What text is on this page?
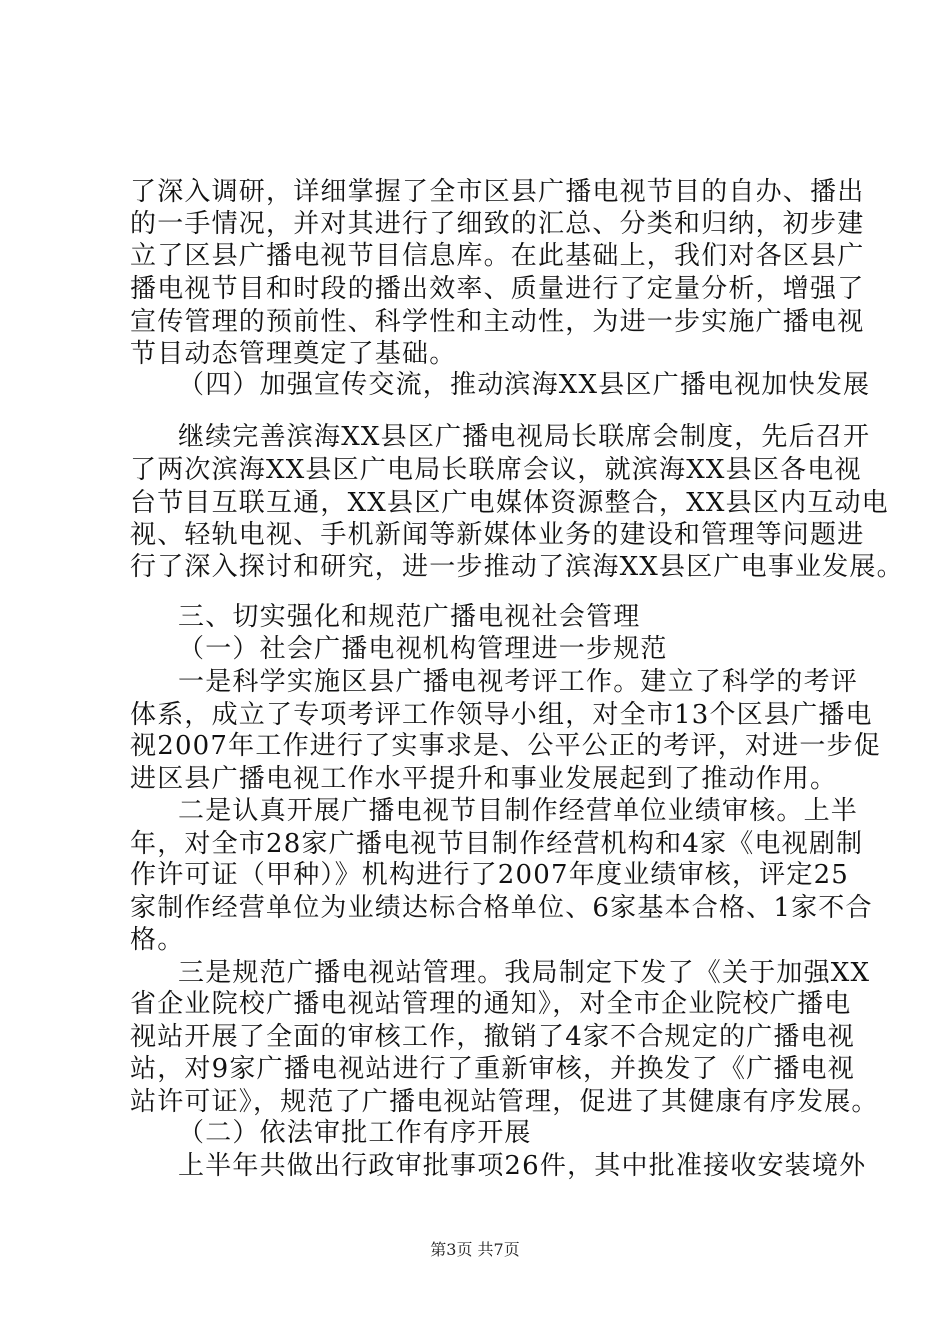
了深入调研，详细掌握了全市区县广播电视节目的自办、播出
的一手情况，并对其进行了细致的汇总、分类和归纳，初步建
立了区县广播电视节目信息库。在此基础上，我们对各区县广
播电视节目和时段的播出效率、质量进行了定量分析，增强了
宣传管理的预前性、科学性和主动性，为进一步实施广播电视
节目动态管理奠定了基础。
（四）加强宣传交流，推动滨海XX县区广播电视加快发展
继续完善滨海XX县区广播电视局长联席会制度，先后召开
了两次滨海XX县区广电局长联席会议，就滨海XX县区各电视
台节目互联互通，XX县区广电媒体资源整合，XX县区内互动电
视、轻轨电视、手机新闻等新媒体业务的建设和管理等问题进
行了深入探讨和研究，进一步推动了滨海XX县区广电事业发展。
三、切实强化和规范广播电视社会管理
（一）社会广播电视机构管理进一步规范
一是科学实施区县广播电视考评工作。建立了科学的考评
体系，成立了专项考评工作领导小组，对全市13个区县广播电
视2007年工作进行了实事求是、公平公正的考评，对进一步促
进区县广播电视工作水平提升和事业发展起到了推动作用。
二是认真开展广播电视节目制作经营单位业绩审核。上半
年，对全市28家广播电视节目制作经营机构和4家《电视剧制
作许可证（甲种）》机构进行了2007年度业绩审核，评定25
家制作经营单位为业绩达标合格单位、6家基本合格、1家不合
格。
三是规范广播电视站管理。我局制定下发了《关于加强XX
省企业院校广播电视站管理的通知》，对全市企业院校广播电
视站开展了全面的审核工作，撤销了4家不合规定的广播电视
站，对9家广播电视站进行了重新审核，并换发了《广播电视
站许可证》，规范了广播电视站管理，促进了其健康有序发展。
（二）依法审批工作有序开展
上半年共做出行政审批事项26件，其中批准接收安装境外
第3页 共7页
